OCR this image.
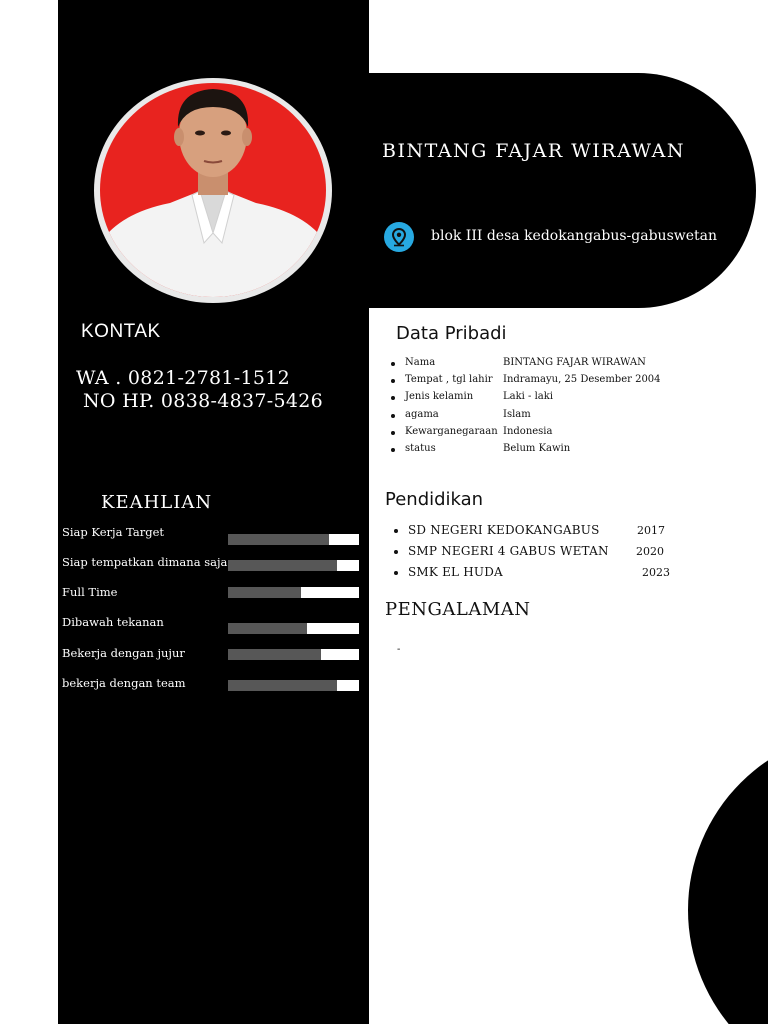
BINTANG FAJAR WIRAWAN
blok III desa kedokangabus-gabuswetan
KONTAK
WA . 0821-2781-1512
NO HP. 0838-4837-5426
KEAHLIAN
Siap Kerja Target
Siap tempatkan dimana saja
Full Time
Dibawah tekanan
Bekerja dengan jujur
bekerja dengan team
Data Pribadi
Nama	BINTANG FAJAR WIRAWAN
Tempat , tgl lahir Indramayu, 25 Desember 2004
Jenis kelamin	Laki - laki
agama	Islam
Kewarganegaraan Indonesia
status	Belum Kawin
Pendidikan
SD NEGERI KEDOKANGABUS	2017
SMP NEGERI 4 GABUS WETAN 2020
SMK EL HUDA	2023
PENGALAMAN
-
